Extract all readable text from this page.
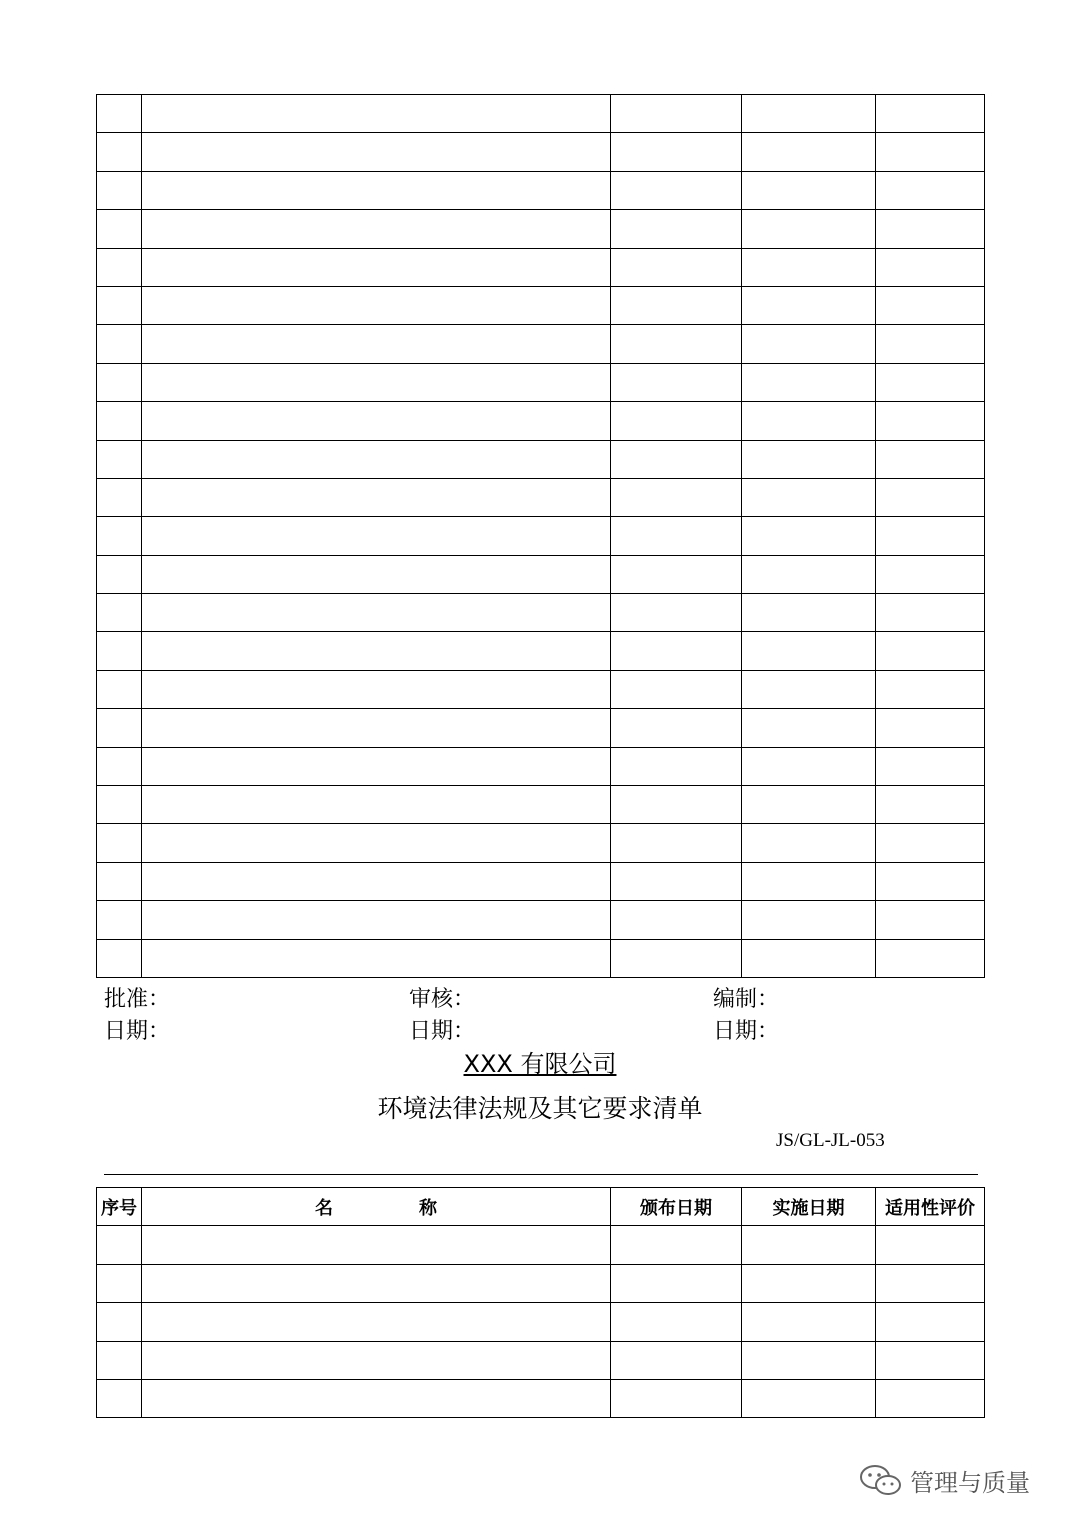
批准：	审核：	编制：
日期：	日期：	日期：
XXX 有限公司
环境法律法规及其它要求清单
JS/GL-JL-053
序号	名 称	颁布日期	实施日期	适用性评价

管理与质量
